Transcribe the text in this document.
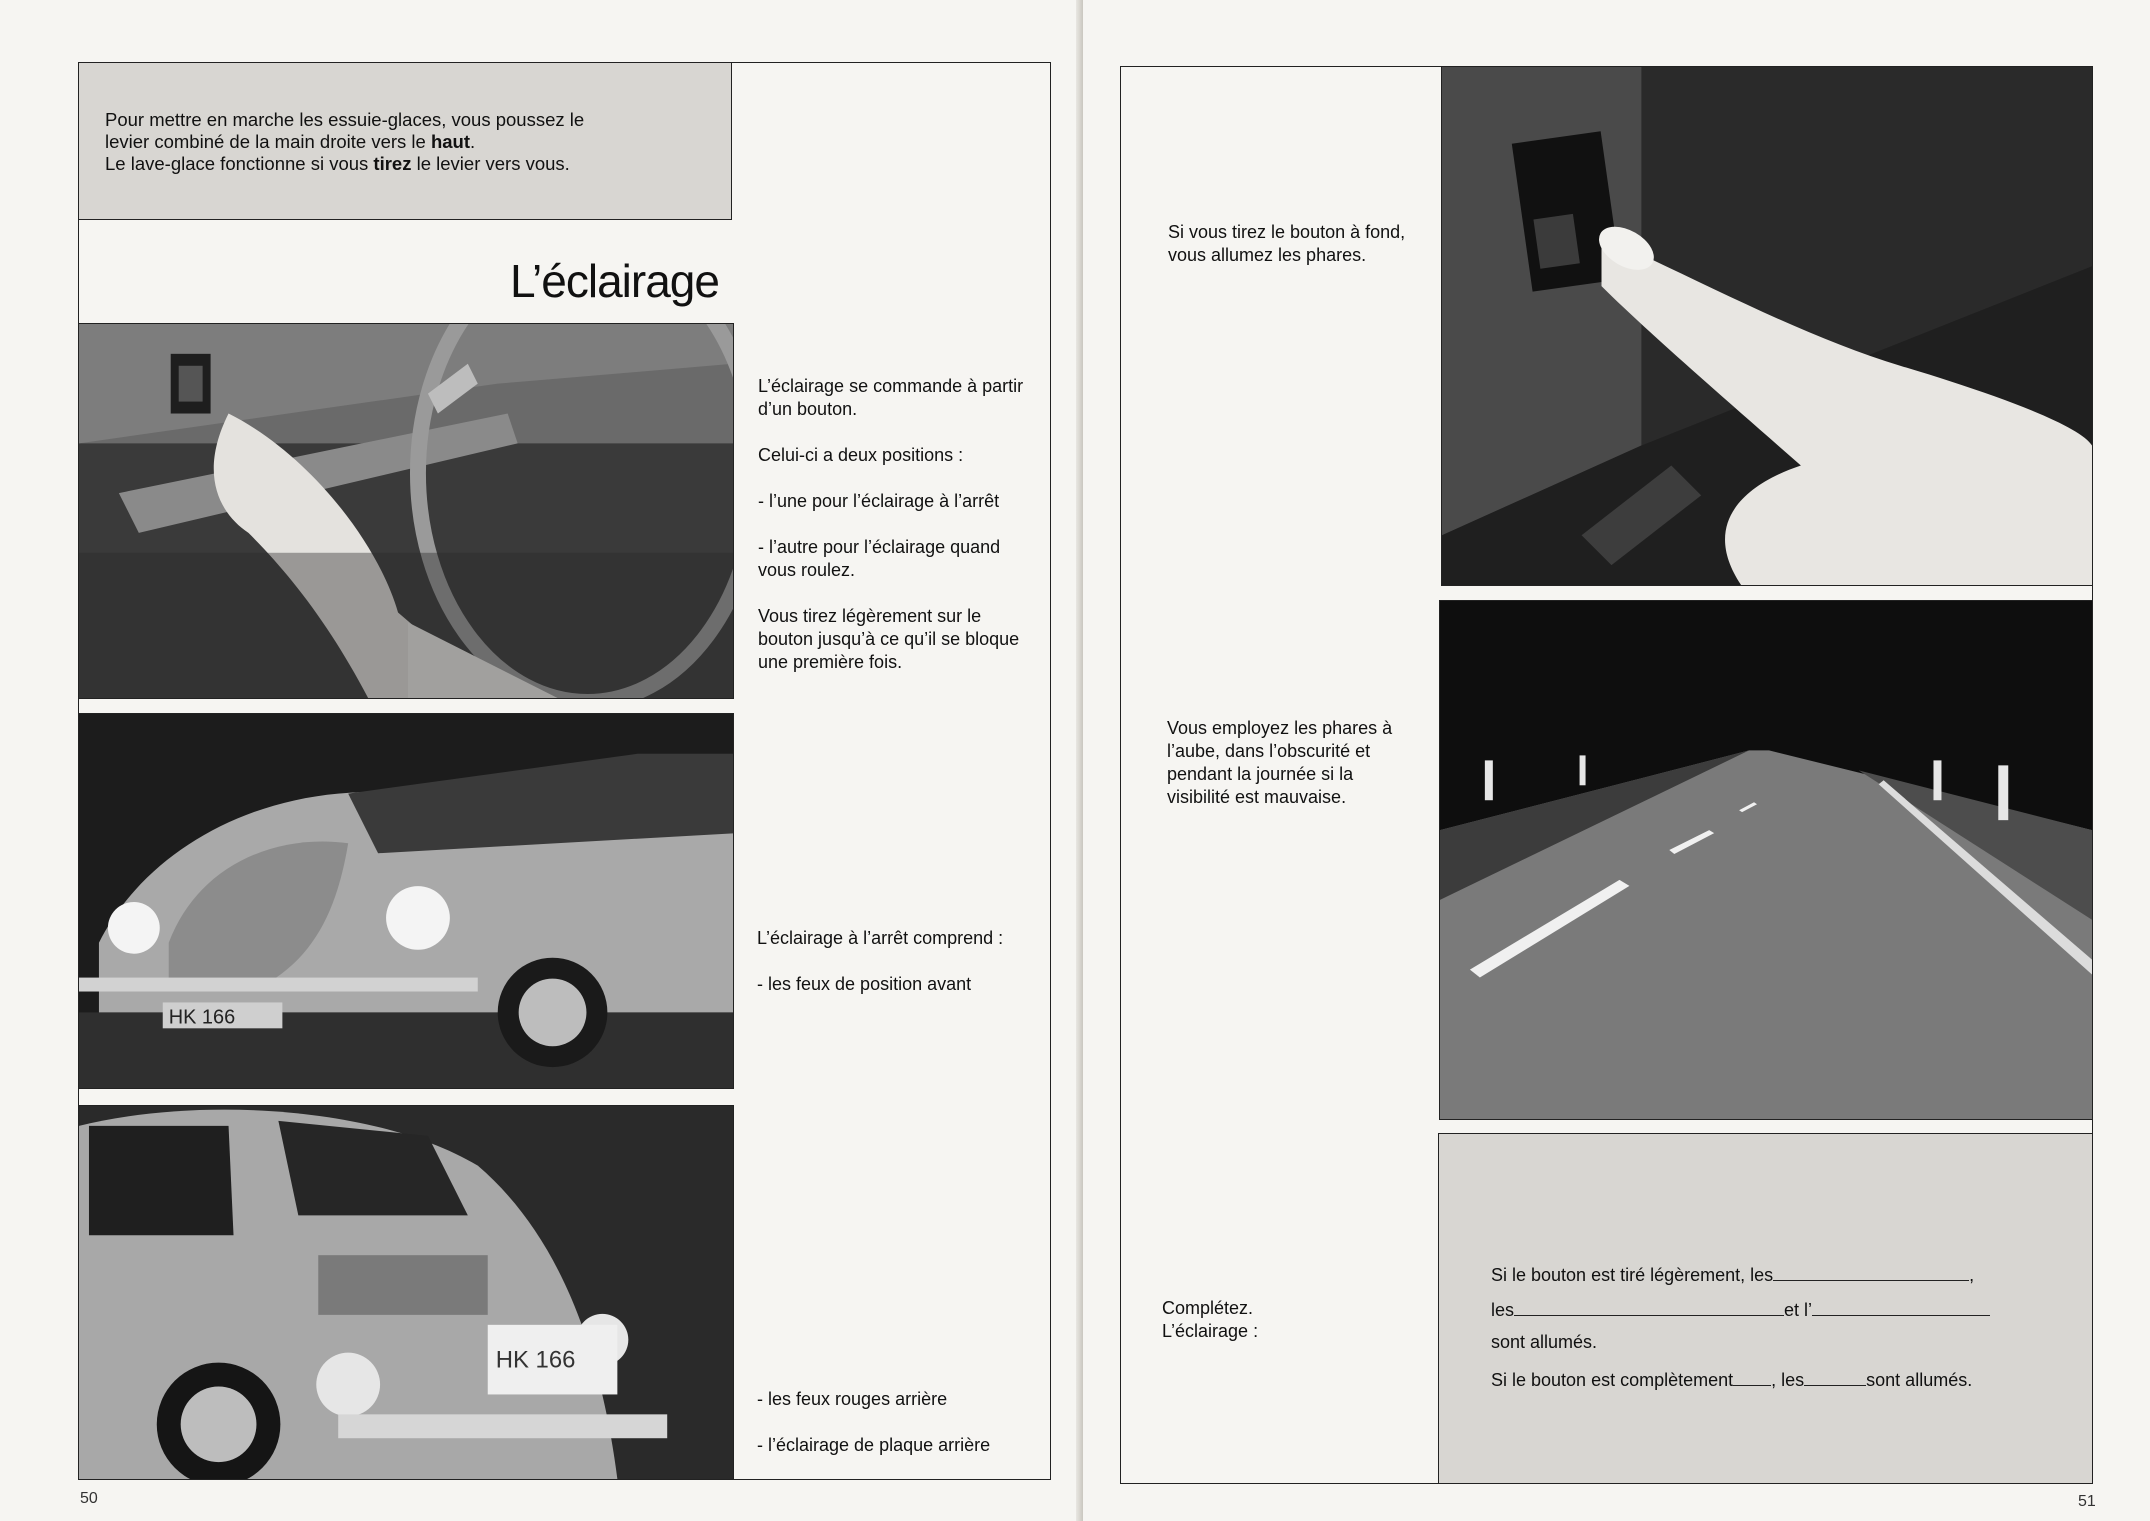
Pour mettre en marche les essuie-glaces, vous poussez le

levier combiné de la main droite vers le haut.

Le lave-glace fonctionne si vous tirez le levier vers vous.

L’éclairage
HK 166
HK 166

L’éclairage se commande à partir d’un bouton.

Celui-ci a deux positions :

- l’une pour l’éclairage à l’arrêt

- l’autre pour l’éclairage quand vous roulez.

Vous tirez légèrement sur le bouton jusqu’à ce qu’il se bloque une première fois.

L’éclairage à l’arrêt comprend :

- les feux de position avant

- les feux rouges arrière

- l’éclairage de plaque arrière

50

Si vous tirez le bouton à fond, vous allumez les phares.

Vous employez les phares à l’aube, dans l’obscurité et pendant la journée si la visibilité est mauvaise.

Complétez.

L’éclairage :

Si le bouton est tiré légèrement, les	,
les	et l’
sont allumés.
Si le bouton est complètement , les	sont allumés.
51
